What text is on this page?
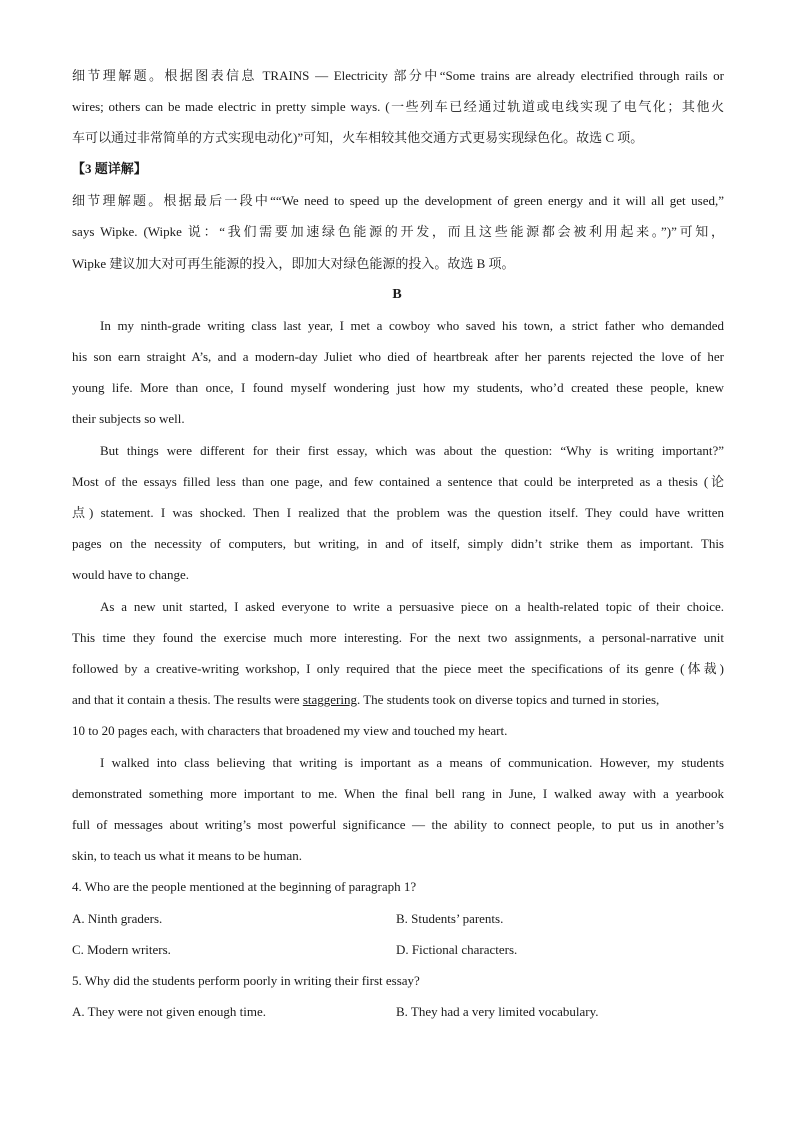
细节理解题。根据图表信息 TRAINS — Electricity 部分中“Some trains are already electrified through rails or
wires; others can be made electric in pretty simple ways. (一些列车已经通过轨道或电线实现了电气化；其他火
车可以通过非常简单的方式实现电动化)”可知，火车相较其他交通方式更易实现绿色化。故选 C 项。
【3 题详解】
细节理解题。根据最后一段中““We need to speed up the development of green energy and it will all get used,”
says Wipke. (Wipke 说：“我们需要加速绿色能源的开发，而且这些能源都会被利用起来。”)”可知，
Wipke 建议加大对可再生能源的投入，即加大对绿色能源的投入。故选 B 项。
B
In my ninth-grade writing class last year, I met a cowboy who saved his town, a strict father who demanded
his son earn straight A’s, and a modern-day Juliet who died of heartbreak after her parents rejected the love of her
young life. More than once, I found myself wondering just how my students, who’d created these people, knew
their subjects so well.
But things were different for their first essay, which was about the question: “Why is writing important?”
Most of the essays filled less than one page, and few contained a sentence that could be interpreted as a thesis (论
点) statement. I was shocked. Then I realized that the problem was the question itself. They could have written
pages on the necessity of computers, but writing, in and of itself, simply didn’t strike them as important. This
would have to change.
As a new unit started, I asked everyone to write a persuasive piece on a health-related topic of their choice.
This time they found the exercise much more interesting. For the next two assignments, a personal-narrative unit
followed by a creative-writing workshop, I only required that the piece meet the specifications of its genre (体裁)
and that it contain a thesis. The results were staggering. The students took on diverse topics and turned in stories,
10 to 20 pages each, with characters that broadened my view and touched my heart.
I walked into class believing that writing is important as a means of communication. However, my students
demonstrated something more important to me. When the final bell rang in June, I walked away with a yearbook
full of messages about writing’s most powerful significance — the ability to connect people, to put us in another’s
skin, to teach us what it means to be human.
4. Who are the people mentioned at the beginning of paragraph 1?
A. Ninth graders.	B. Students’ parents.
C. Modern writers.	D. Fictional characters.
5. Why did the students perform poorly in writing their first essay?
A. They were not given enough time.	B. They had a very limited vocabulary.
